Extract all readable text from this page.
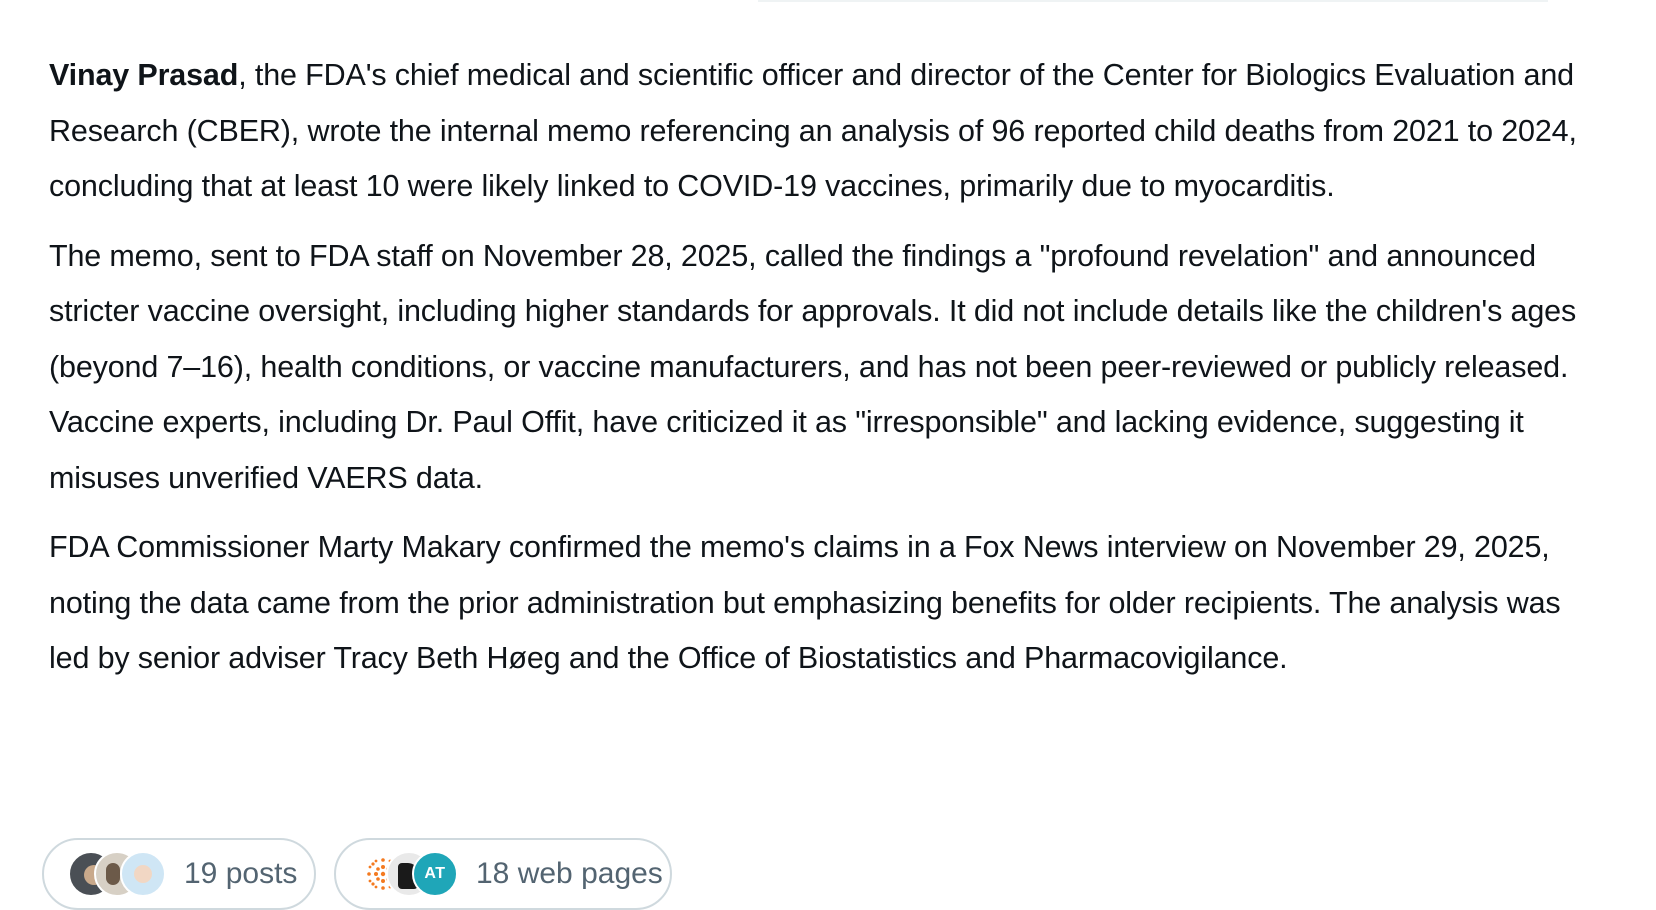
Vinay Prasad, the FDA's chief medical and scientific officer and director of the Center for Biologics Evaluation and Research (CBER), wrote the internal memo referencing an analysis of 96 reported child deaths from 2021 to 2024, concluding that at least 10 were likely linked to COVID-19 vaccines, primarily due to myocarditis.

The memo, sent to FDA staff on November 28, 2025, called the findings a "profound revelation" and announced stricter vaccine oversight, including higher standards for approvals. It did not include details like the children's ages (beyond 7–16), health conditions, or vaccine manufacturers, and has not been peer-reviewed or publicly released. Vaccine experts, including Dr. Paul Offit, have criticized it as "irresponsible" and lacking evidence, suggesting it misuses unverified VAERS data.

FDA Commissioner Marty Makary confirmed the memo's claims in a Fox News interview on November 29, 2025, noting the data came from the prior administration but emphasizing benefits for older recipients. The analysis was led by senior adviser Tracy Beth Høeg and the Office of Biostatistics and Pharmacovigilance.

19 posts	AT	18 web pages
